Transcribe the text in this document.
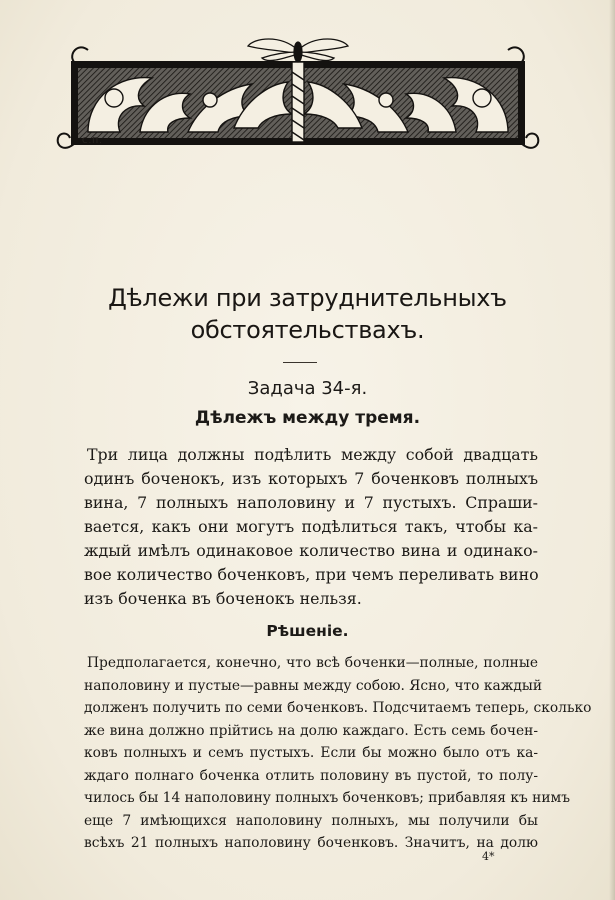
С.П.
Дѣлежи при затруднительныхъ
обстоятельствахъ.
Задача 34-я.
Дѣлежъ между тремя.
Три лица должны подѣлить между собой двадцать
одинъ боченокъ, изъ которыхъ 7 боченковъ полныхъ
вина, 7 полныхъ наполовину и 7 пустыхъ. Спраши-
вается, какъ они могутъ подѣлиться такъ, чтобы ка-
ждый имѣлъ одинаковое количество вина и одинако-
вое количество боченковъ, при чемъ переливать вино
изъ боченка въ боченокъ нельзя.
Рѣшеніе.
Предполагается, конечно, что всѣ боченки—полные, полные
наполовину и пустые—равны между собою. Ясно, что каждый
долженъ получить по семи боченковъ. Подсчитаемъ теперь, сколько
же вина должно прійтись на долю каждаго. Есть семь бочен-
ковъ полныхъ и семъ пустыхъ. Если бы можно было отъ ка-
ждаго полнаго боченка отлить половину въ пустой, то полу-
чилось бы 14 наполовину полныхъ боченковъ; прибавляя къ нимъ
еще 7 имѣющихся наполовину полныхъ, мы получили бы
всѣхъ 21 полныхъ наполовину боченковъ. Значитъ, на долю
4*
